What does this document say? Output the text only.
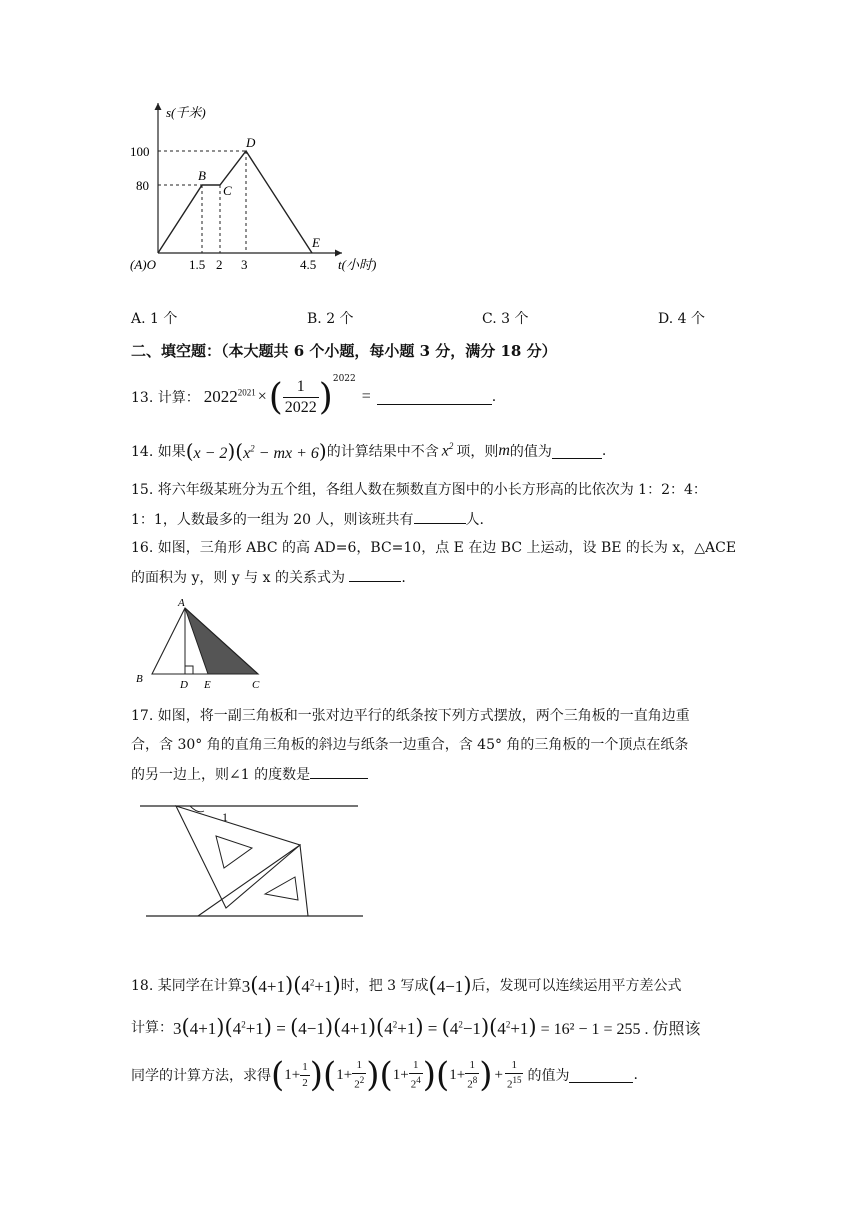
s(千米)
100
80
(A)O	1.5 2 3	4.5 t(小时)
B
C
D
E
A. 1 个	B. 2 个	C. 3 个	D. 4 个
二、填空题：（本大题共 6 个小题，每小题 3 分，满分 18 分）
13. 计算： $2022^{2021}$ × ( $\frac{1}{2022} )^{2022}$
=	.
14. 如果 $(x - 2)(x^2$ − mx + 6) 的计算结果中不含 $x^2$ 项，则 m 的值为	.
15. 将六年级某班分为五个组，各组人数在频数直方图中的小长方形高的比依次为 1：2：4：
1：1，人数最多的一组为 20 人，则该班共有	人.
16. 如图，三角形 ABC 的高 AD=6，BC=10，点 E 在边 BC 上运动，设 BE 的长为 x，△ACE
的面积为 y，则 y 与 x 的关系式为	.
A
B	D E	C
17. 如图，将一副三角板和一张对边平行的纸条按下列方式摆放，两个三角板的一直角边重
合，含 30° 角的直角三角板的斜边与纸条一边重合，含 45° 角的三角板的一个顶点在纸条
的另一边上，则∠1 的度数是
1
18. 某同学在计算 $3(4+1)(4^2+1)$ 时，把 3 写成 (4−1) 后，发现可以连续运用平方差公式
计算： $3(4+1)(4^2+1) = (4-1)(4+1)(4^2+1) = (4^2-1)(4^2+1) = 16^2 - 1 = 255$ . 仿照该
同学的计算方法，求得 ( $1+ \frac{1}{2}$ ) ( $1+ \frac{1}{2^2}$ ) ( $1+ \frac{1}{2^4}$ ) ( $1+ \frac{1}{2^8}$ ) + $\frac{1}{2^{15}}$ 的值为	.
